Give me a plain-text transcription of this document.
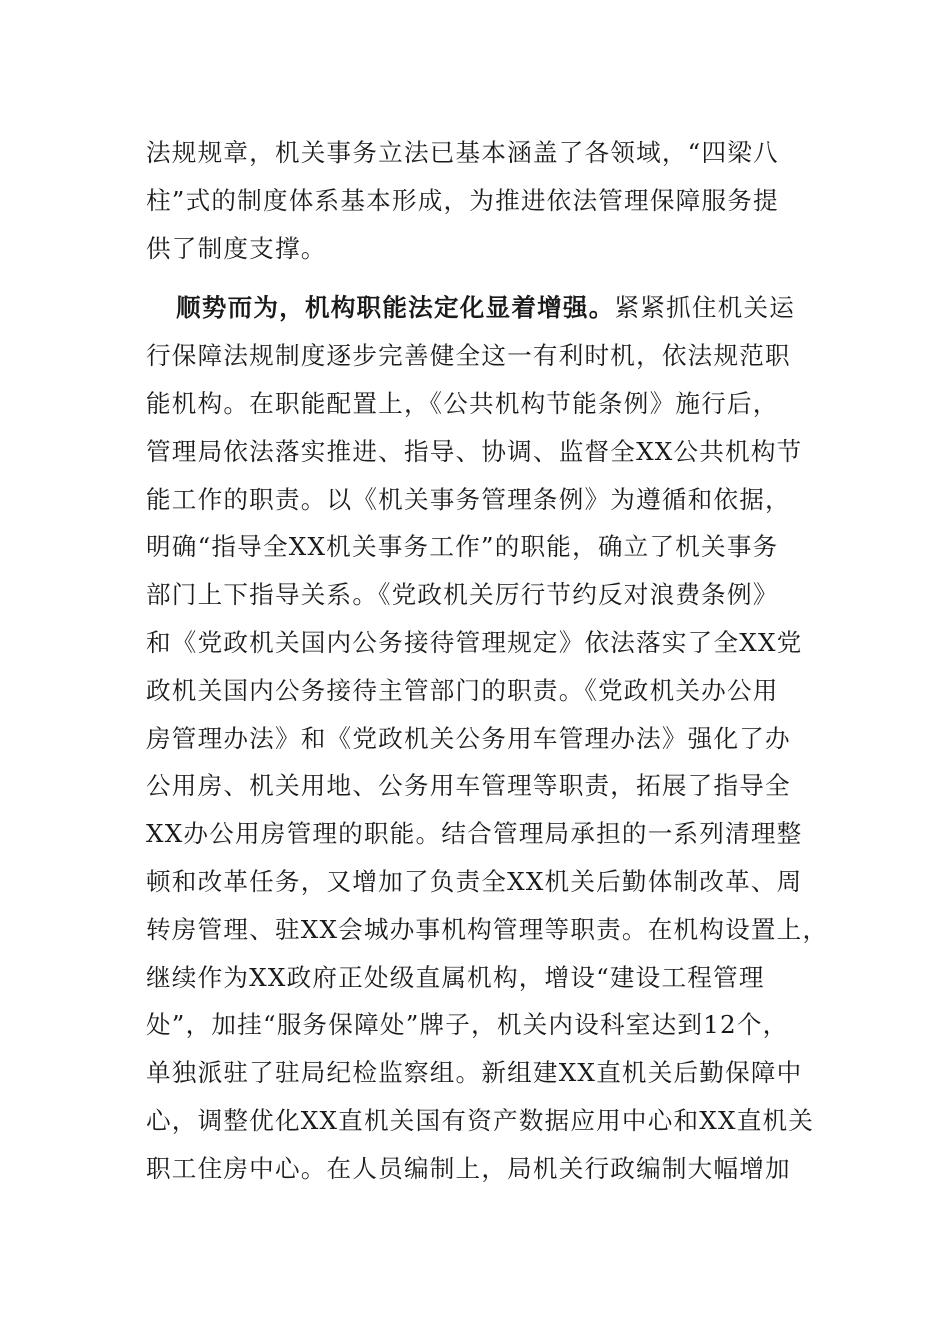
法规规章，机关事务立法已基本涵盖了各领域，“四梁八
柱”式的制度体系基本形成，为推进依法管理保障服务提
供了制度支撑。
顺势而为，机构职能法定化显着增强。紧紧抓住机关运
行保障法规制度逐步完善健全这一有利时机，依法规范职
能机构。在职能配置上，《公共机构节能条例》施行后，
管理局依法落实推进、指导、协调、监督全XX公共机构节
能工作的职责。以《机关事务管理条例》为遵循和依据，
明确“指导全XX机关事务工作”的职能，确立了机关事务
部门上下指导关系。《党政机关厉行节约反对浪费条例》
和《党政机关国内公务接待管理规定》依法落实了全XX党
政机关国内公务接待主管部门的职责。《党政机关办公用
房管理办法》和《党政机关公务用车管理办法》强化了办
公用房、机关用地、公务用车管理等职责，拓展了指导全
XX办公用房管理的职能。结合管理局承担的一系列清理整
顿和改革任务，又增加了负责全XX机关后勤体制改革、周
转房管理、驻XX会城办事机构管理等职责。在机构设置上，
继续作为XX政府正处级直属机构，增设“建设工程管理
处”，加挂“服务保障处”牌子，机关内设科室达到12个，
单独派驻了驻局纪检监察组。新组建XX直机关后勤保障中
心，调整优化XX直机关国有资产数据应用中心和XX直机关
职工住房中心。在人员编制上，局机关行政编制大幅增加
